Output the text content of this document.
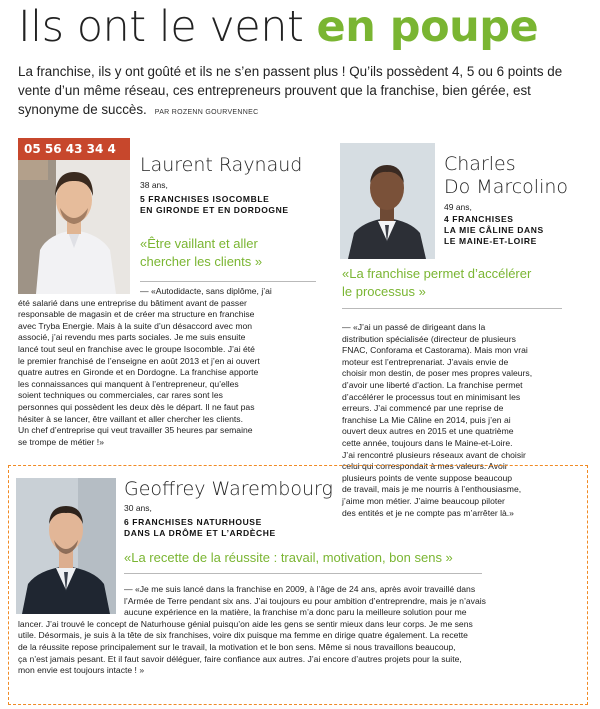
Ils ont le vent en poupe
La franchise, ils y ont goûté et ils ne s’en passent plus ! Qu’ils possèdent 4, 5 ou 6 points de vente d’un même réseau, ces entrepreneurs prouvent que la franchise, bien gérée, est synonyme de succès. PAR ROZENN GOURVENNEC
05 56 43 34 4
Laurent Raynaud
38 ans,
5 FRANCHISES ISOCOMBLE
EN GIRONDE ET EN DORDOGNE
«Être vaillant et aller
chercher les clients »
— «Autodidacte, sans diplôme, j’ai
été salarié dans une entreprise du bâtiment avant de passer
responsable de magasin et de créer ma structure en franchise
avec Tryba Energie. Mais à la suite d’un désaccord avec mon
associé, j’ai revendu mes parts sociales. Je me suis ensuite
lancé tout seul en franchise avec le groupe Isocomble. J’ai été
le premier franchisé de l’enseigne en août 2013 et j’en ai ouvert
quatre autres en Gironde et en Dordogne. La franchise apporte
les connaissances qui manquent à l’entrepreneur, qu’elles
soient techniques ou commerciales, car rares sont les
personnes qui possèdent les deux dès le départ. Il ne faut pas
hésiter à se lancer, être vaillant et aller chercher les clients.
Un chef d’entreprise qui veut travailler 35 heures par semaine
se trompe de métier !»
Charles
Do Marcolino
49 ans,
4 FRANCHISES
LA MIE CÂLINE DANS
LE MAINE-ET-LOIRE
«La franchise permet d’accélérer
le processus »
— «J’ai un passé de dirigeant dans la
distribution spécialisée (directeur de plusieurs
FNAC, Conforama et Castorama). Mais mon vrai
moteur est l’entreprenariat. J’avais envie de
choisir mon destin, de poser mes propres valeurs,
d’avoir une liberté d’action. La franchise permet
d’accélérer le processus tout en minimisant les
erreurs. J’ai commencé par une reprise de
franchise La Mie Câline en 2014, puis j’en ai
ouvert deux autres en 2015 et une quatrième
cette année, toujours dans le Maine-et-Loire.
J’ai rencontré plusieurs réseaux avant de choisir
celui qui correspondait à mes valeurs. Avoir
plusieurs points de vente suppose beaucoup
de travail, mais je me nourris à l’enthousiasme,
j’aime mon métier. J’aime beaucoup piloter
des entités et je ne compte pas m’arrêter là.»
Geoffrey Warembourg
30 ans,
6 FRANCHISES NATURHOUSE
DANS LA DRÔME ET L’ARDÈCHE
«La recette de la réussite : travail, motivation, bon sens »
— «Je me suis lancé dans la franchise en 2009, à l’âge de 24 ans, après avoir travaillé dans
l’Armée de Terre pendant six ans. J’ai toujours eu pour ambition d’entreprendre, mais je n’avais
aucune expérience en la matière, la franchise m’a donc paru la meilleure solution pour me
lancer. J’ai trouvé le concept de Naturhouse génial puisqu’on aide les gens se sentir mieux dans leur corps. Je me sens
utile. Désormais, je suis à la tête de six franchises, voire dix puisque ma femme en dirige quatre également. La recette
de la réussite repose principalement sur le travail, la motivation et le bon sens. Même si nous travaillons beaucoup,
ça n’est jamais pesant. Et il faut savoir déléguer, faire confiance aux autres. J’ai encore d’autres projets pour la suite,
mon envie est toujours intacte ! »
